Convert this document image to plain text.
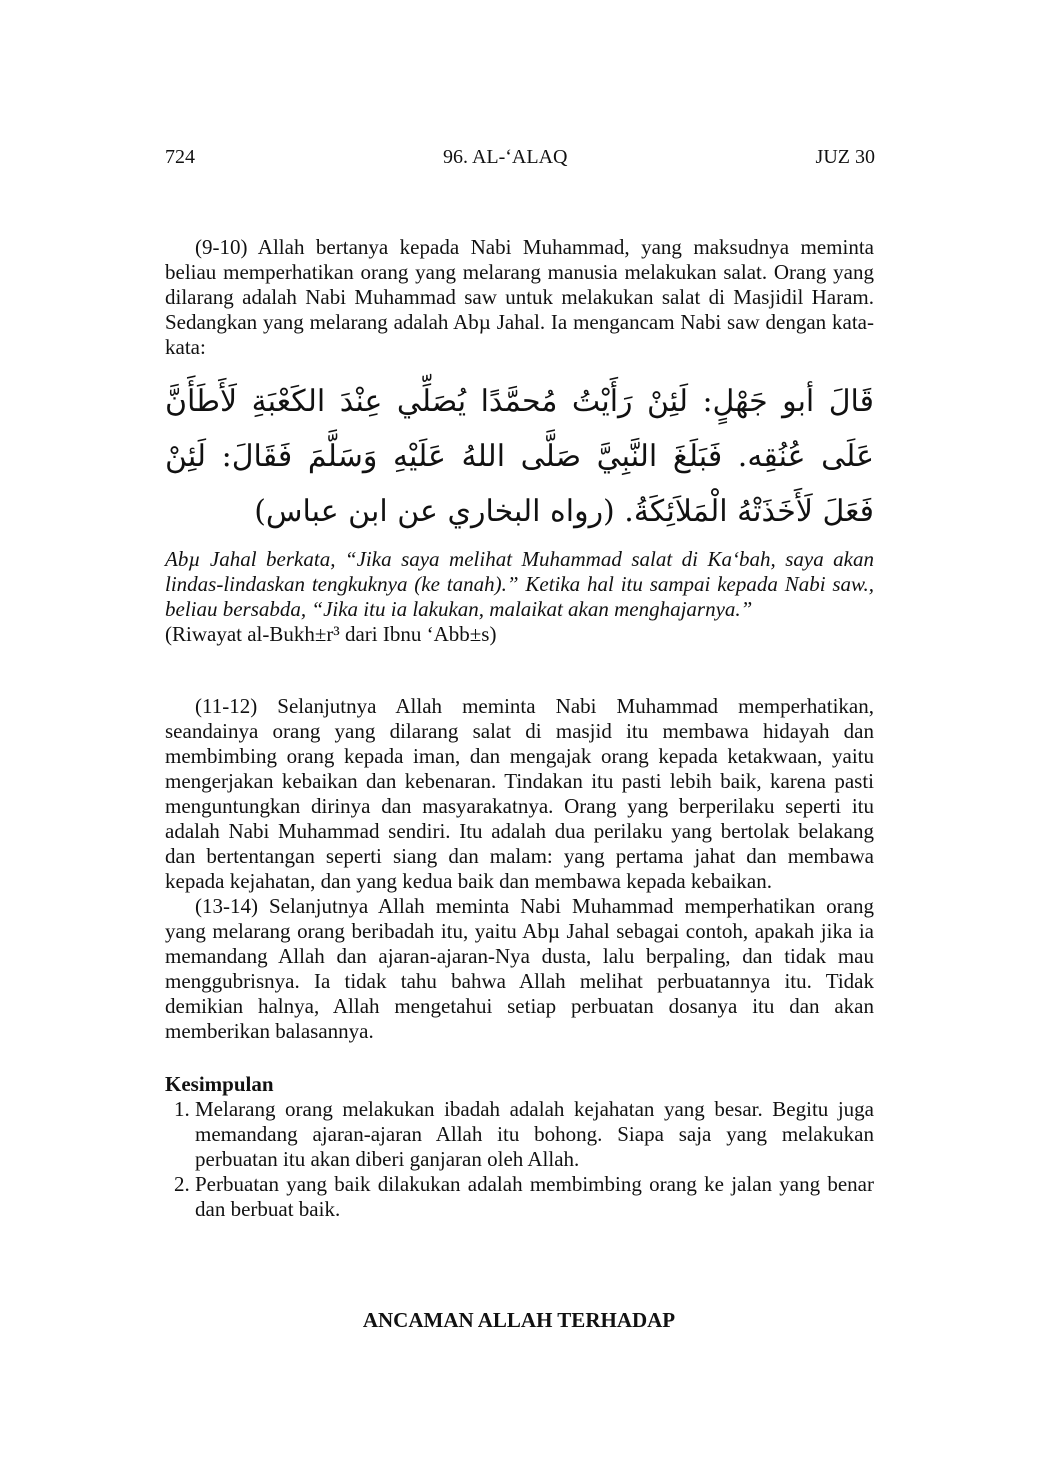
724	96. AL-‘ALAQ	JUZ 30

(9-10) Allah bertanya kepada Nabi Muhammad, yang maksudnya meminta beliau memperhatikan orang yang melarang manusia melakukan salat. Orang yang dilarang adalah Nabi Muhammad saw untuk melakukan salat di Masjidil Haram. Sedangkan yang melarang adalah Abµ Jahal. Ia mengancam Nabi saw dengan kata-kata:

قَالَ أبو جَهْلٍ: لَئِنْ رَأَيْتُ مُحمَّدًا يُصَلِّي عِنْدَ الكَعْبَةِ لَأَطَأَنَّ عَلَى عُنُقِه. فَبَلَغَ النَّبِيَّ صَلَّى اللهُ عَلَيْهِ وَسَلَّمَ فَقَالَ: لَئِنْ فَعَلَ لَأَخَذَتْهُ الْمَلاَئِكَةُ. (رواه البخاري عن ابن عباس)

Abµ Jahal berkata, “Jika saya melihat Muhammad salat di Ka‘bah, saya akan lindas-lindaskan tengkuknya (ke tanah).” Ketika hal itu sampai kepada Nabi saw., beliau bersabda, “Jika itu ia lakukan, malaikat akan menghajarnya.”

(Riwayat al-Bukh±r³ dari Ibnu ‘Abb±s)

(11-12) Selanjutnya Allah meminta Nabi Muhammad memperhatikan, seandainya orang yang dilarang salat di masjid itu membawa hidayah dan membimbing orang kepada iman, dan mengajak orang kepada ketakwaan, yaitu mengerjakan kebaikan dan kebenaran. Tindakan itu pasti lebih baik, karena pasti menguntungkan dirinya dan masyarakatnya. Orang yang berperilaku seperti itu adalah Nabi Muhammad sendiri. Itu adalah dua perilaku yang bertolak belakang dan bertentangan seperti siang dan malam: yang pertama jahat dan membawa kepada kejahatan, dan yang kedua baik dan membawa kepada kebaikan.

(13-14) Selanjutnya Allah meminta Nabi Muhammad memperhatikan orang yang melarang orang beribadah itu, yaitu Abµ Jahal sebagai contoh, apakah jika ia memandang Allah dan ajaran-ajaran-Nya dusta, lalu berpaling, dan tidak mau menggubrisnya. Ia tidak tahu bahwa Allah melihat perbuatannya itu. Tidak demikian halnya, Allah mengetahui setiap perbuatan dosanya itu dan akan memberikan balasannya.

Kesimpulan
1. Melarang orang melakukan ibadah adalah kejahatan yang besar. Begitu juga memandang ajaran-ajaran Allah itu bohong. Siapa saja yang melakukan perbuatan itu akan diberi ganjaran oleh Allah.
2. Perbuatan yang baik dilakukan adalah membimbing orang ke jalan yang benar dan berbuat baik.
ANCAMAN ALLAH TERHADAP
